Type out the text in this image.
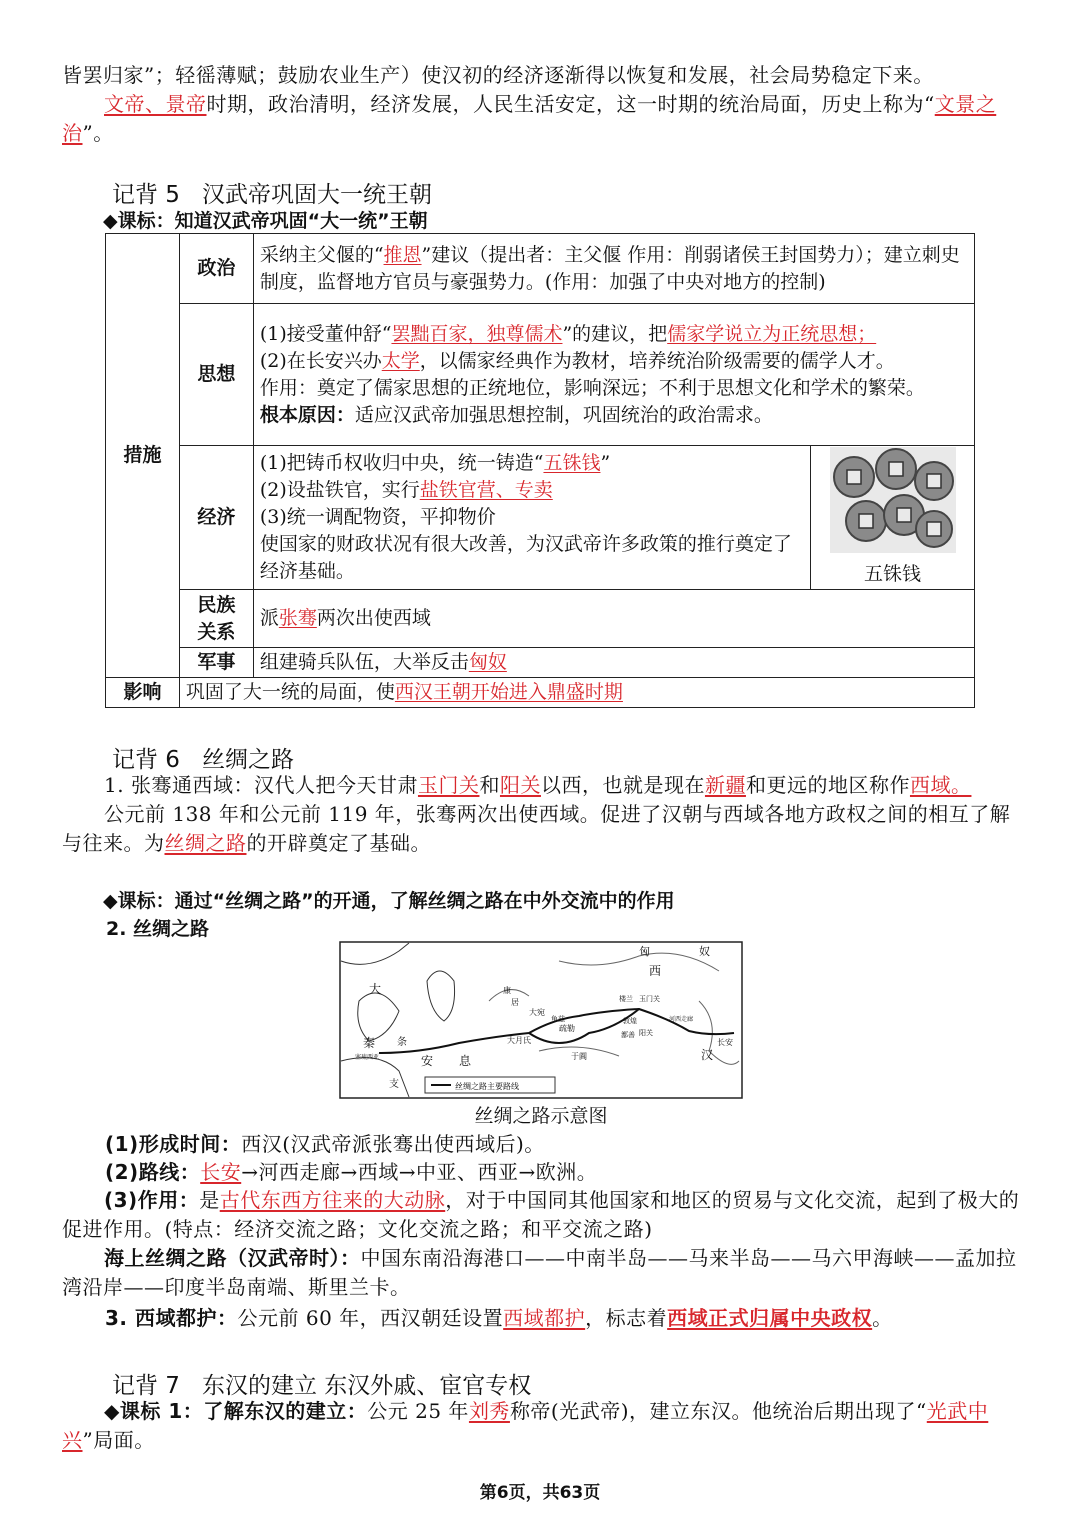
皆罢归家”；轻徭薄赋；鼓励农业生产）使汉初的经济逐渐得以恢复和发展，社会局势稳定下来。
文帝、景帝时期，政治清明，经济发展，人民生活安定，这一时期的统治局面，历史上称为“文景之治”。
记背 5 汉武帝巩固大一统王朝
◆课标：知道汉武帝巩固“大一统”王朝
措施	政治	采纳主父偃的“推恩”建议（提出者：主父偃 作用：削弱诸侯王封国势力）；建立刺史制度，监督地方官员与豪强势力。(作用：加强了中央对地方的控制)	
	思想	(1)接受董仲舒“罢黜百家，独尊儒术”的建议，把儒家学说立为正统思想；
(2)在长安兴办太学，以儒家经典作为教材，培养统治阶级需要的儒学人才。
作用：奠定了儒家思想的正统地位，影响深远；不利于思想文化和学术的繁荣。
根本原因：适应汉武帝加强思想控制，巩固统治的政治需求。	

	经济	(1)把铸币权收归中央，统一铸造“五铢钱”
(2)设盐铁官，实行盐铁官营、专卖
(3)统一调配物资，平抑物价
使国家的财政状况有很大改善，为汉武帝许多政策的推行奠定了经济基础。	五铢钱

	民族
关系	派张骞两次出使西域	
	军事	组建骑兵队伍，大举反击匈奴	
影响	巩固了大一统的局面，使西汉王朝开始进入鼎盛时期		
记背 6 丝绸之路
1. 张骞通西域：汉代人把今天甘肃玉门关和阳关以西，也就是现在新疆和更远的地区称作西域。
公元前 138 年和公元前 119 年，张骞两次出使西域。促进了汉朝与西域各地方政权之间的相互了解与往来。为丝绸之路的开辟奠定了基础。
◆课标：通过“丝绸之路”的开通，了解丝绸之路在中外交流中的作用
2. 丝绸之路
匈	奴
西
汉
大
秦 条
安 息
支
康
居
大宛
疏勒
大月氏
于阗
楼兰 玉门关
敦煌
鄯善 阳关
河西走廊
长安
塞琉西亚
龟兹
丝绸之路主要路线
丝绸之路示意图
(1)形成时间：西汉(汉武帝派张骞出使西域后)。
(2)路线：长安→河西走廊→西域→中亚、西亚→欧洲。
(3)作用：是古代东西方往来的大动脉，对于中国同其他国家和地区的贸易与文化交流，起到了极大的促进作用。(特点：经济交流之路；文化交流之路；和平交流之路)
海上丝绸之路（汉武帝时）：中国东南沿海港口——中南半岛——马来半岛——马六甲海峡——孟加拉湾沿岸——印度半岛南端、斯里兰卡。
3. 西域都护：公元前 60 年，西汉朝廷设置西域都护，标志着西域正式归属中央政权。
记背 7 东汉的建立 东汉外戚、宦官专权
◆课标 1：了解东汉的建立：公元 25 年刘秀称帝(光武帝)，建立东汉。他统治后期出现了“光武中兴”局面。
第6页，共63页
